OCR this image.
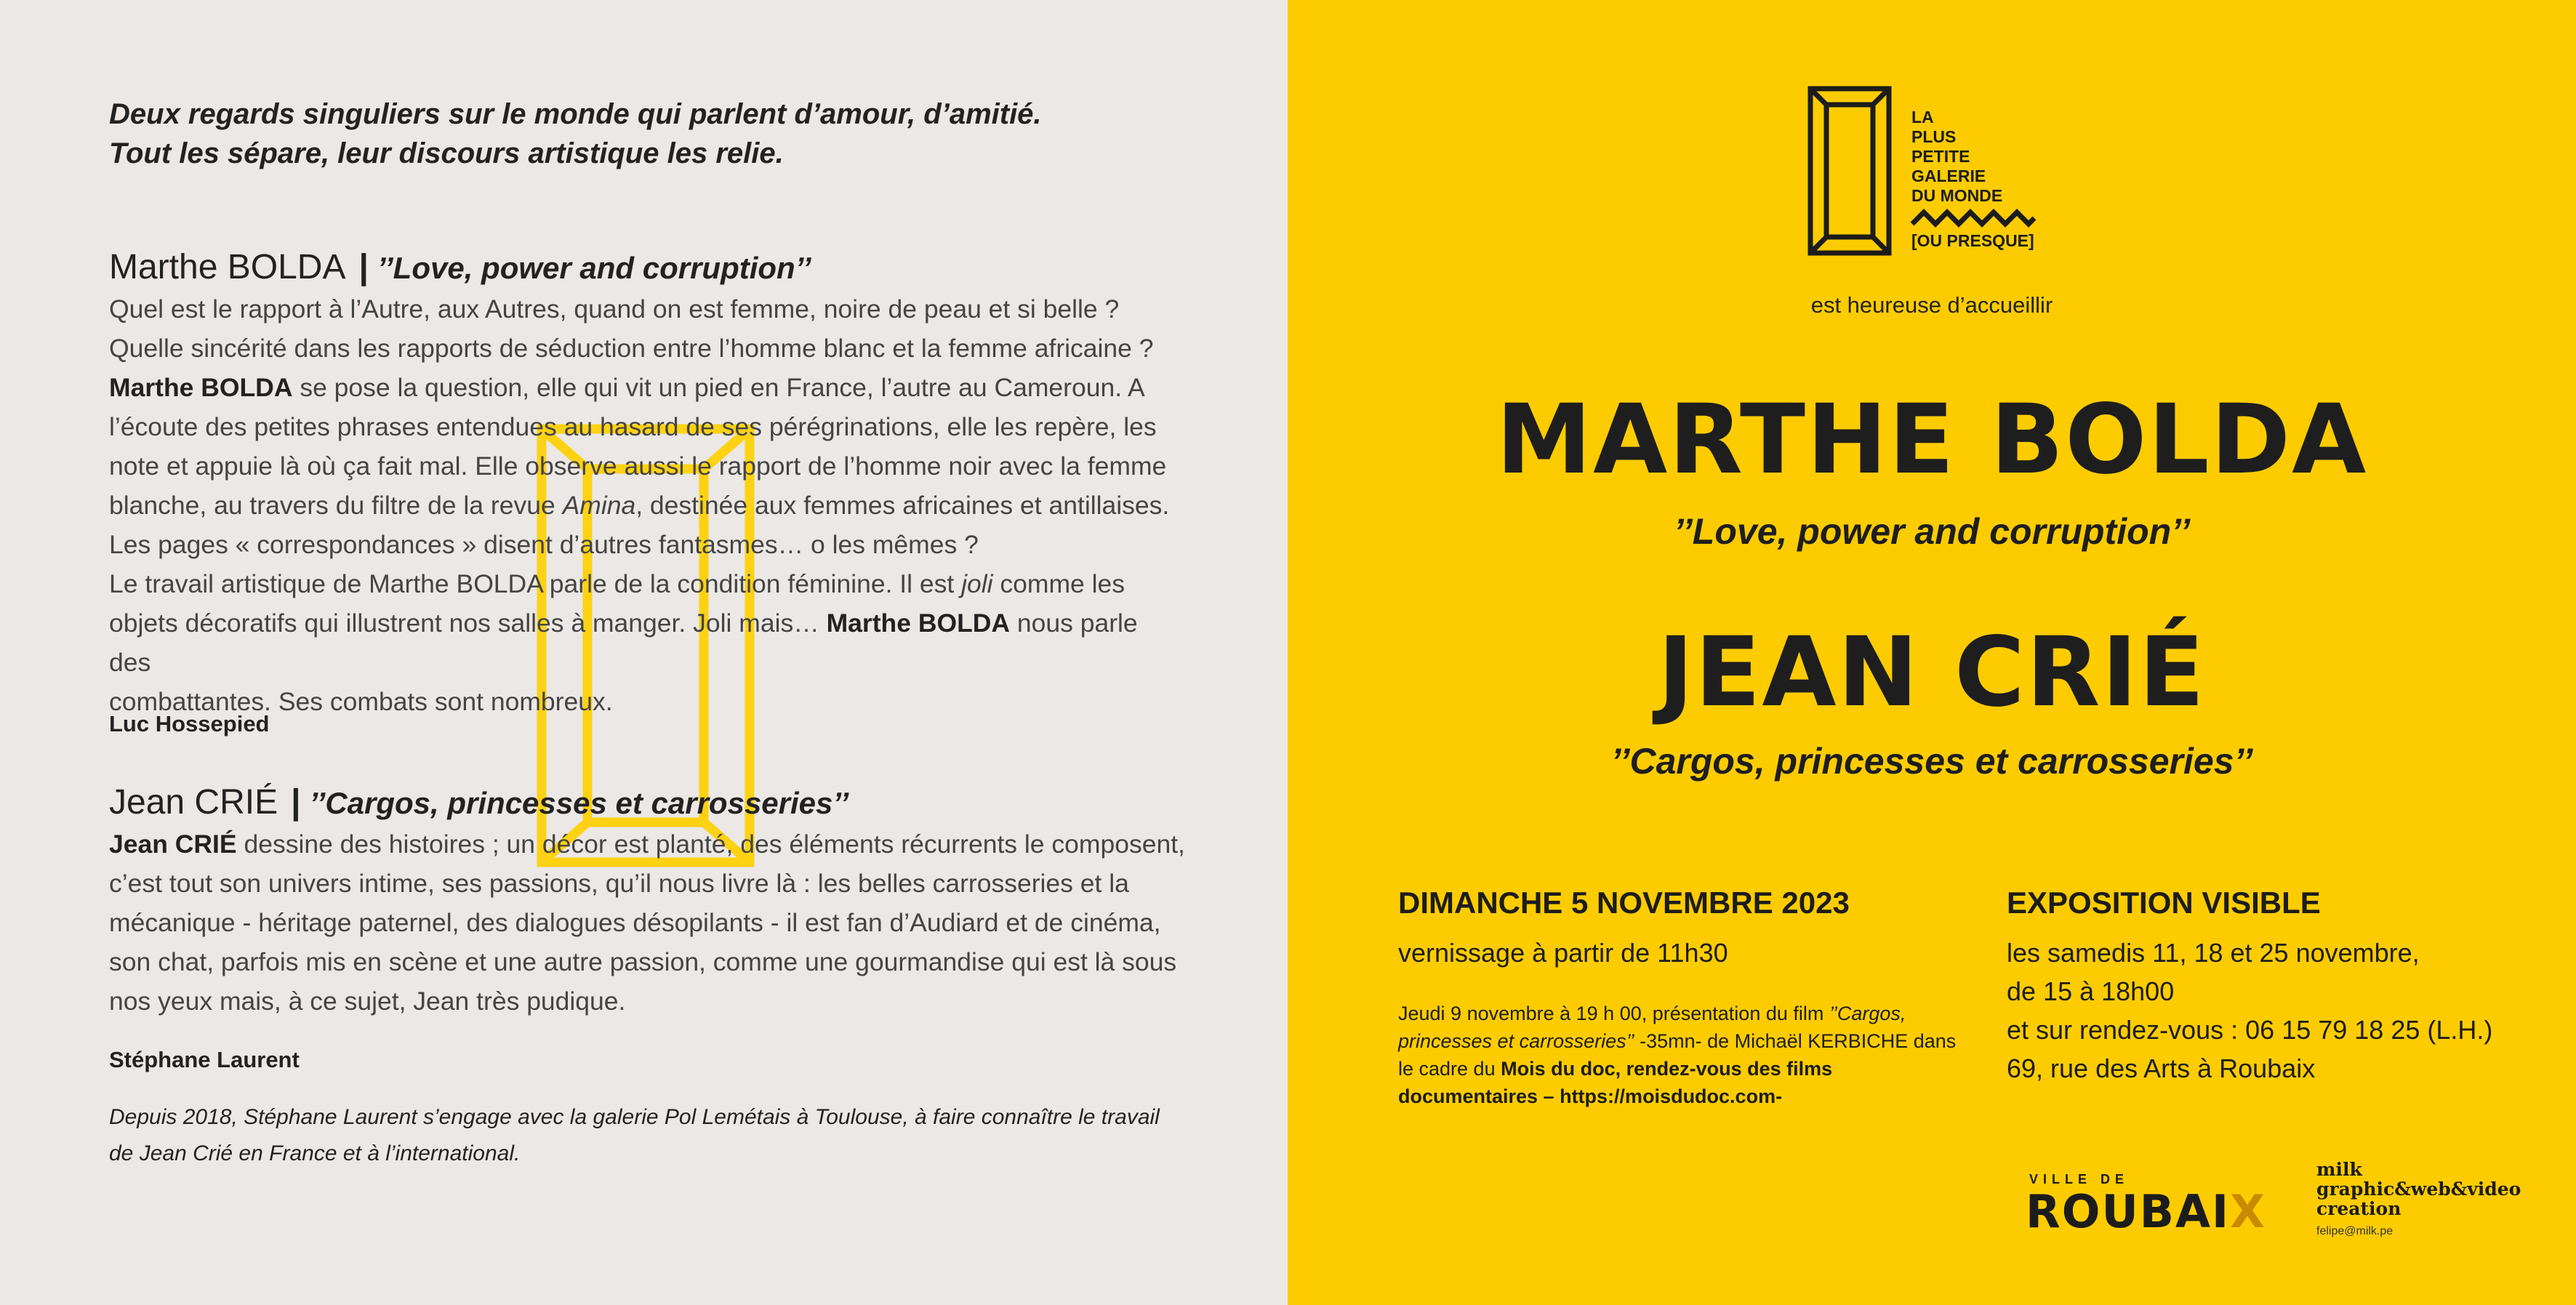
Deux regards singuliers sur le monde qui parlent d’amour, d’amitié.
Tout les sépare, leur discours artistique les relie.
Marthe BOLDA | ’’Love, power and corruption’’
Quel est le rapport à l’Autre, aux Autres, quand on est femme, noire de peau et si belle ?
Quelle sincérité dans les rapports de séduction entre l’homme blanc et la femme africaine ?
Marthe BOLDA se pose la question, elle qui vit un pied en France, l’autre au Cameroun. A
l’écoute des petites phrases entendues au hasard de ses pérégrinations, elle les repère, les
note et appuie là où ça fait mal. Elle observe aussi le rapport de l’homme noir avec la femme
blanche, au travers du filtre de la revue Amina, destinée aux femmes africaines et antillaises.
Les pages « correspondances » disent d’autres fantasmes… o les mêmes ?
Le travail artistique de Marthe BOLDA parle de la condition féminine. Il est joli comme les
objets décoratifs qui illustrent nos salles à manger. Joli mais… Marthe BOLDA nous parle des
combattantes. Ses combats sont nombreux.
Luc Hossepied
Jean CRIÉ | ’’Cargos, princesses et carrosseries’’
Jean CRIÉ dessine des histoires ; un décor est planté, des éléments récurrents le composent,
c’est tout son univers intime, ses passions, qu’il nous livre là : les belles carrosseries et la
mécanique - héritage paternel, des dialogues désopilants - il est fan d’Audiard et de cinéma,
son chat, parfois mis en scène et une autre passion, comme une gourmandise qui est là sous
nos yeux mais, à ce sujet, Jean très pudique.
Stéphane Laurent
Depuis 2018, Stéphane Laurent s’engage avec la galerie Pol Lemétais à Toulouse, à faire connaître le travail
de Jean Crié en France et à l’international.
LA
PLUS
PETITE
GALERIE
DU MONDE
[OU PRESQUE]
est heureuse d’accueillir
MARTHE BOLDA
’’Love, power and corruption’’
JEAN CRIÉ
’’Cargos, princesses et carrosseries’’
DIMANCHE 5 NOVEMBRE 2023
vernissage à partir de 11h30
Jeudi 9 novembre à 19 h 00, présentation du film ’’Cargos, princesses et carrosseries’’ -35mn- de Michaël KERBICHE dans le cadre du Mois du doc, rendez-vous des films documentaires – https://moisdudoc.com-
EXPOSITION VISIBLE
les samedis 11, 18 et 25 novembre,
de 15 à 18h00
et sur rendez-vous : 06 15 79 18 25 (L.H.)
69, rue des Arts à Roubaix
VILLE DE
ROUBAIX
milk
graphic&web&video
creation
felipe@milk.pe
